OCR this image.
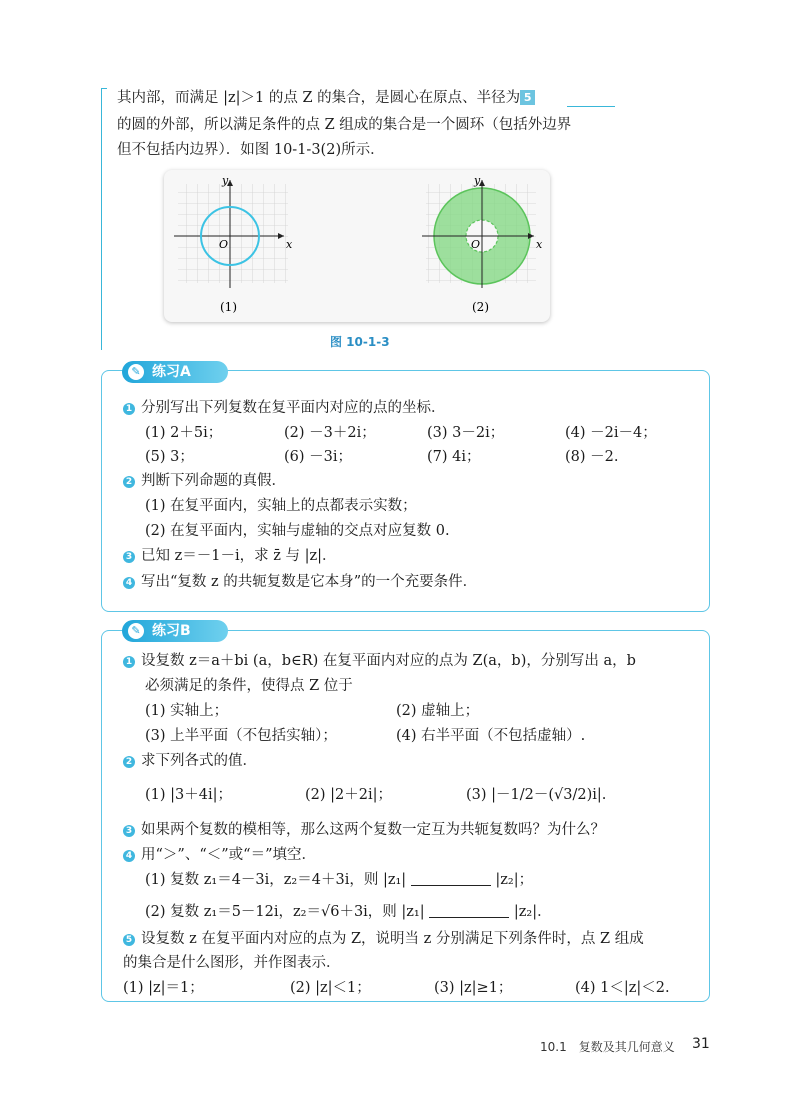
其内部，而满足 |z|＞1 的点 Z 的集合，是圆心在原点、半径为 5
的圆的外部，所以满足条件的点 Z 组成的集合是一个圆环（包括外边界
但不包括内边界）．如图 10-1-3(2)所示．
x
y
O
(1)
x
y
O
(2)
图 10-1-3
✎ 练习A
1 分别写出下列复数在复平面内对应的点的坐标．
(1) 2＋5i；	(2) －3＋2i；	(3) 3－2i；	(4) －2i－4；
(5) 3；	(6) －3i；	(7) 4i；	(8) －2.
2 判断下列命题的真假．
(1) 在复平面内，实轴上的点都表示实数；
(2) 在复平面内，实轴与虚轴的交点对应复数 0.
3 已知 z＝－1－i，求 z̄ 与 |z|．
4 写出“复数 z 的共轭复数是它本身”的一个充要条件．
✎ 练习B
1 设复数 z＝a＋bi (a，b∈R) 在复平面内对应的点为 Z(a，b)，分别写出 a，b
必须满足的条件，使得点 Z 位于
(1) 实轴上；	(2) 虚轴上；
(3) 上半平面（不包括实轴）；	(4) 右半平面（不包括虚轴）.
2 求下列各式的值．
(1) |3＋4i|；	(2) |2＋2i|；	(3) |－1/2－(√3/2)i|.
3 如果两个复数的模相等，那么这两个复数一定互为共轭复数吗？为什么？
4 用“＞”、“＜”或“＝”填空．
(1) 复数 z₁＝4－3i，z₂＝4＋3i，则 |z₁|	|z₂|；
(2) 复数 z₁＝5－12i，z₂＝√6＋3i，则 |z₁|	|z₂|．
5 设复数 z 在复平面内对应的点为 Z，说明当 z 分别满足下列条件时，点 Z 组成
的集合是什么图形，并作图表示．
(1) |z|＝1；	(2) |z|＜1；	(3) |z|≥1；	(4) 1＜|z|＜2.
10.1　复数及其几何意义 31
